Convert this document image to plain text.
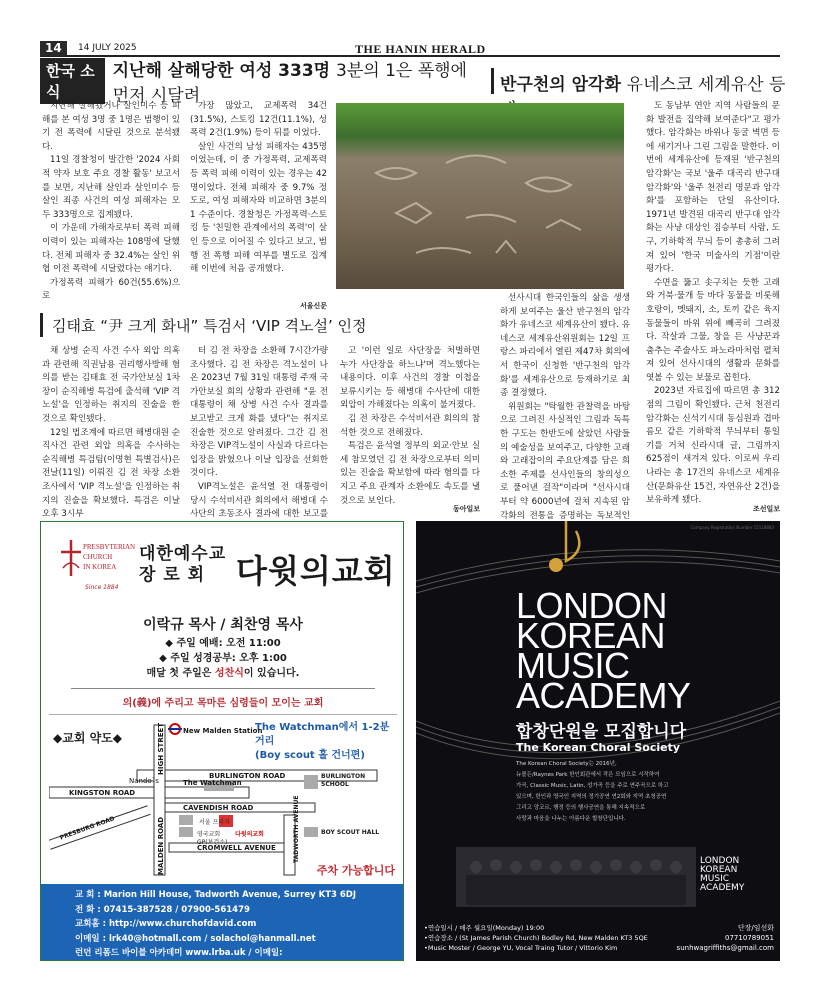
14	14 JULY 2025	THE HANIN HERALD
한국 소식
지난해 살해당한 여성 333명 3분의 1은 폭행에 먼저 시달려

지난해 살해됐거나 살인미수 등 피해를 본 여성 3명 중 1명은 범행이 있기 전 폭력에 시달린 것으로 분석됐다.

11일 경찰청이 발간한 '2024 사회적 약자 보호 주요 경찰 활동' 보고서를 보면, 지난해 살인과 살인미수 등 살인 죄종 사건의 여성 피해자는 모두 333명으로 집계됐다.

이 가운데 가해자로부터 폭력 피해 이력이 있는 피해자는 108명에 달했다. 전체 피해자 중 32.4%는 살인 위협 이전 폭력에 시달렸다는 얘기다.

가정폭력 피해가 60건(55.6%)으로

가장 많았고, 교제폭력 34건(31.5%), 스토킹 12건(11.1%), 성폭력 2건(1.9%) 등이 뒤를 이었다.

살인 사건의 남성 피해자는 435명이었는데, 이 중 가정폭력, 교제폭력 등 폭력 피해 이력이 있는 경우는 42명이었다. 전체 피해자 중 9.7% 정도로, 여성 피해자와 비교하면 3분의 1 수준이다. 경찰청은 가정폭력·스토킹 등 '친밀한 관계에서의 폭력'이 살인 등으로 이어질 수 있다고 보고, 범행 전 폭행 피해 여부를 별도로 집계해 이번에 처음 공개했다.

서울신문
반구천의 암각화 유네스코 세계유산 등

선사시대 한국인들의 삶을 생생하게 보여주는 울산 반구천의 암각화가 유네스코 세계유산이 됐다. 유네스코 세계유산위원회는 12일 프랑스 파리에서 열린 제47차 회의에서 한국이 신청한 '반구천의 암각화'를 세계유산으로 등재하기로 최종 결정했다.

위원회는 "탁월한 관찰력을 바탕으로 그려진 사실적인 그림과 독특한 구도는 한반도에 살았던 사람들의 예술성을 보여주고, 다양한 고래와 고래잡이의 주요단계를 담은 희소한 주제를 선사인들의 창의성으로 풀어낸 걸작"이라며 "선사시대부터 약 6000년에 걸쳐 지속된 암각화의 전통을 증명하는 독보적인

도 동남부 연안 지역 사람들의 문화 발전을 집약해 보여준다"고 평가했다. 암각화는 바위나 동굴 벽면 등에 새기거나 그린 그림을 말한다. 이번에 세계유산에 등재된 '반구천의 암각화'는 국보 '울주 대곡리 반구대 암각화'와 '울주 천전리 명문과 암각화'를 포함하는 단일 유산이다. 1971년 발견된 대곡리 반구대 암각화는 사냥 대상인 짐승부터 사람, 도구, 기하학적 무늬 등이 총총히 그려져 있어 '한국 미술사의 기점'이란 평가다.

수면을 뚫고 솟구치는 듯한 고래와 거북·물개 등 바다 동물을 비롯해 호랑이, 멧돼지, 소, 토끼 같은 육지 동물들이 바위 위에 빼곡히 그려졌다. 작살과 그물, 창을 든 사냥꾼과 춤추는 주술사도 파노라마처럼 펼쳐져 있어 선사시대의 생활과 문화를 엿볼 수 있는 보물로 꼽힌다.

2023년 자료집에 따르면 총 312점의 그림이 확인됐다. 근처 천전리 암각화는 신석기시대 동심원과 겹마름모 같은 기하학적 무늬부터 통일기를 거쳐 신라시대 글, 그림까지 625점이 새겨져 있다. 이로써 우리나라는 총 17건의 유네스코 세계유산(문화유산 15건, 자연유산 2건)을 보유하게 됐다.

조선일보
김태효 “尹 크게 화내” 특검서 ‘VIP 격노설’ 인정

채 상병 순직 사건 수사 외압 의혹과 관련해 직권남용 권리행사방해 혐의를 받는 김태효 전 국가안보실 1차장이 순직해병 특검에 출석해 'VIP 격노설'을 인정하는 취지의 진술을 한 것으로 확인됐다.

12일 법조계에 따르면 해병대원 순직사건 관련 외압 의혹을 수사하는 순직해병 특검팀(이명현 특별검사)은 전날(11일) 이뤄진 김 전 차장 소환 조사에서 'VIP 격노설'을 인정하는 취지의 진술을 확보했다. 특검은 이날 오후 3시부

터 김 전 차장을 소환해 7시간가량 조사했다. 김 전 차장은 격노설이 나온 2023년 7월 31일 대통령 주재 국가안보실 회의 상황과 관련해 "윤 전 대통령이 채 상병 사건 수사 결과를 보고받고 크게 화를 냈다"는 취지로 진술한 것으로 알려졌다. 그간 김 전 차장은 VIP격노설이 사실과 다르다는 입장을 밝혔으나 이날 입장을 선회한 것이다.

VIP격노설은 윤석열 전 대통령이 당시 수석비서관 회의에서 해병대 수사단의 초동조사 결과에 대한 보고를

고 '이런 일로 사단장을 처벌하면 누가 사단장을 하느냐'며 격노했다는 내용이다. 이후 사건의 경찰 이첩을 보류시키는 등 해병대 수사단에 대한 외압이 가해졌다는 의혹이 불거졌다.

김 전 차장은 수석비서관 회의의 참석한 것으로 전해졌다.

특검은 윤석열 정부의 외교·안보 실세 참모였던 김 전 차장으로부터 의미 있는 진술을 확보함에 따라 혐의를 다지고 주요 관계자 소환에도 속도를 낼 것으로 보인다.

동아일보
PRESBYTERIAN
CHURCH
IN KOREA
Since 1884
대한예수교
장 로 회 다윗의교회
이락규 목사 / 최찬영 목사
◆ 주일 예배: 오전 11:00
◆ 주일 성경공부: 오후 1:00
매달 첫 주일은 성찬식이 있습니다.
의(義)에 주리고 목마른 심령들이 모이는 교회
◆교회 약도◆
The Watchman에서 1-2분 거리
(Boy scout 홀 건너편)
New Malden Station
HIGH STREET
Nando`s	The Watchman
KINGSTON ROAD
BURLINGTON ROAD	BURLINGTON SCHOOL
서울 프리자
CAVENDISH ROAD
영국교회
GP(보건소)
다윗의교회
CROMWELL AVENUE	TADWORTH AVENUE	BOY SCOUT HALL
PRESBURG ROAD	MALDEN ROAD	주차 가능합니다
교 회 : Marion Hill House, Tadworth Avenue, Surrey KT3 6DJ
전 화 : 07415-387528 / 07900-561479
교회홈 : http://www.churchofdavid.com
이메일 : lrk40@hotmall.com / solachol@hanmall.net
런던 리폼드 바이블 아카데미 www.lrba.uk / 이메일: lrbacademy23@gmail.com
Company Registration Number 15118883
LONDON
KOREAN
MUSIC
ACADEMY
합창단원을 모집합니다
The Korean Choral Society
The Korean Choral Society는 2016년,
뉴몰든/Raynes Park 한인회관에서 작은 모임으로 시작하여
가곡, Classic Music, Latin, 성가곡 등을 주로 연주곡으로 하고
있으며, 한인과 영국인 지역의 정기공연 연2회와 지역 초청공연
그리고 앙코르, 행정 등의 행사공연을 통해 지속적으로
사랑과 마음을 나누는 아름다운 합창단입니다.
LONDON
KOREAN
MUSIC
ACADEMY
•연습일시 / 매주 월요일(Monday) 19:00
•연습장소 / (St James Parish Church) Bodley Rd, New Malden KT3 5QE
•Music Moster / George YU, Vocal Traing Tutor / Vittorio Kim
단장/임선화
07710789051
sunhwagriffiths@gmail.com
